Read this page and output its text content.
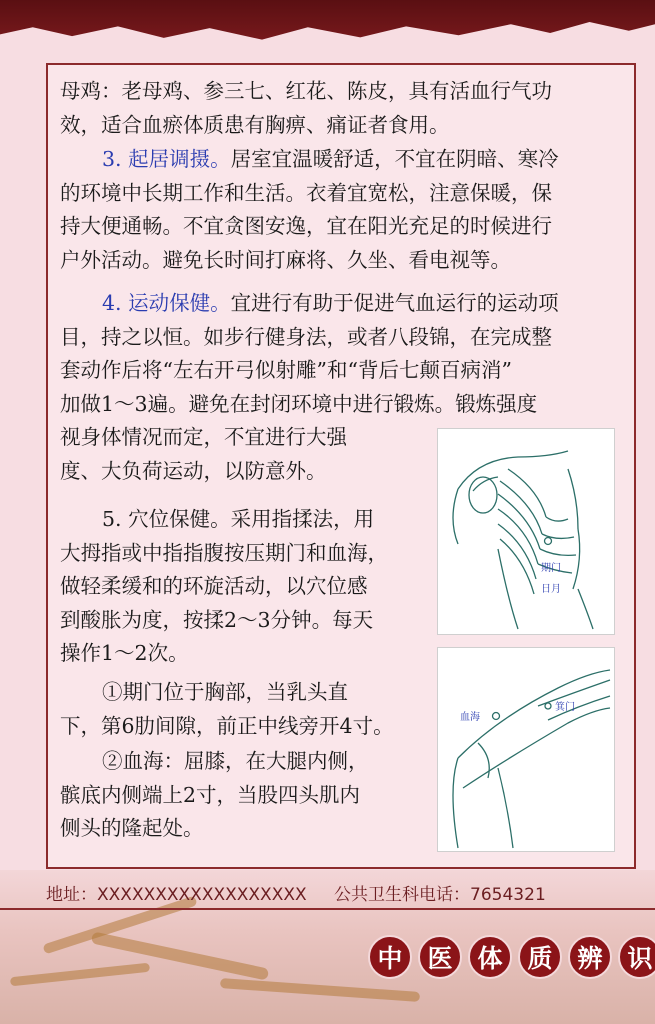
母鸡：老母鸡、参三七、红花、陈皮，具有活血行气功
效，适合血瘀体质患有胸痹、痛证者食用。
3. 起居调摄。居室宜温暖舒适，不宜在阴暗、寒冷
的环境中长期工作和生活。衣着宜宽松，注意保暖，保
持大便通畅。不宜贪图安逸，宜在阳光充足的时候进行
户外活动。避免长时间打麻将、久坐、看电视等。
4. 运动保健。宜进行有助于促进气血运行的运动项
目，持之以恒。如步行健身法，或者八段锦，在完成整
套动作后将“左右开弓似射雕”和“背后七颠百病消”
加做1～3遍。避免在封闭环境中进行锻炼。锻炼强度
视身体情况而定，不宜进行大强
度、大负荷运动，以防意外。
5. 穴位保健。采用指揉法，用
大拇指或中指指腹按压期门和血海，
做轻柔缓和的环旋活动，以穴位感
到酸胀为度，按揉2～3分钟。每天
操作1～2次。
①期门位于胸部，当乳头直
下，第6肋间隙，前正中线旁开4寸。
②血海：屈膝，在大腿内侧，
髌底内侧端上2寸，当股四头肌内
侧头的隆起处。
期门
日月
血海
箕门
地址：XXXXXXXXXXXXXXXXXX 公共卫生科电话：7654321
中 医 体 质 辨 识
